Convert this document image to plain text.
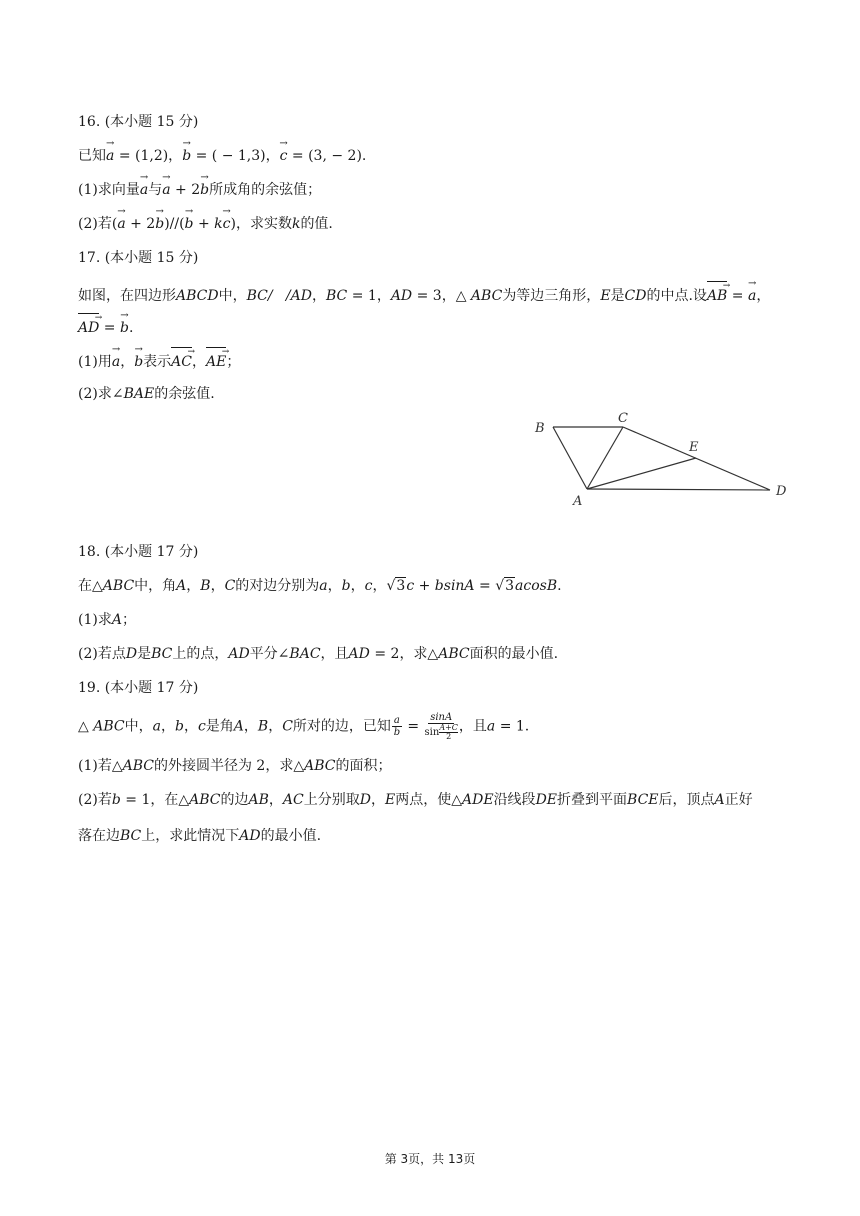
16. (本小题 15 分)
已知→ a = (1,2)，→ b = ( − 1,3)，→ c = (3, − 2).
(1)求向量→ a与→ a + 2→ b所成角的余弦值；
(2)若(→ a + 2→ b)//(→ b + k→ c)，求实数k的值.
17. (本小题 15 分)
如图，在四边形ABCD中，BC/   /AD，BC = 1，AD = 3，△ ABC为等边三角形，E是CD的中点.设AB
→
= → a，
AD
→
= → b.
(1)用→ a，→ b表示AC
→
，AE
→
；
(2)求∠BAE的余弦值.
B
C
E
A
D
18. (本小题 17 分)
在△ABC中，角A，B，C的对边分别为a，b，c，√3c + bsinA = √3acosB.
(1)求A；
(2)若点D是BC上的点，AD平分∠BAC，且AD = 2，求△ABC面积的最小值.
19. (本小题 17 分)
△ ABC中，a，b，c是角A，B，C所对的边，已知 $\frac{a}{b} = \frac{\sin A}{\sin \frac{A+C}{2}}$ ，且a = 1.
(1)若△ABC的外接圆半径为 2，求△ABC的面积；
(2)若b = 1，在△ABC的边AB，AC上分别取D，E两点，使△ADE沿线段DE折叠到平面BCE后，顶点A正好
落在边BC上，求此情况下AD的最小值.
第 3页，共 13页
